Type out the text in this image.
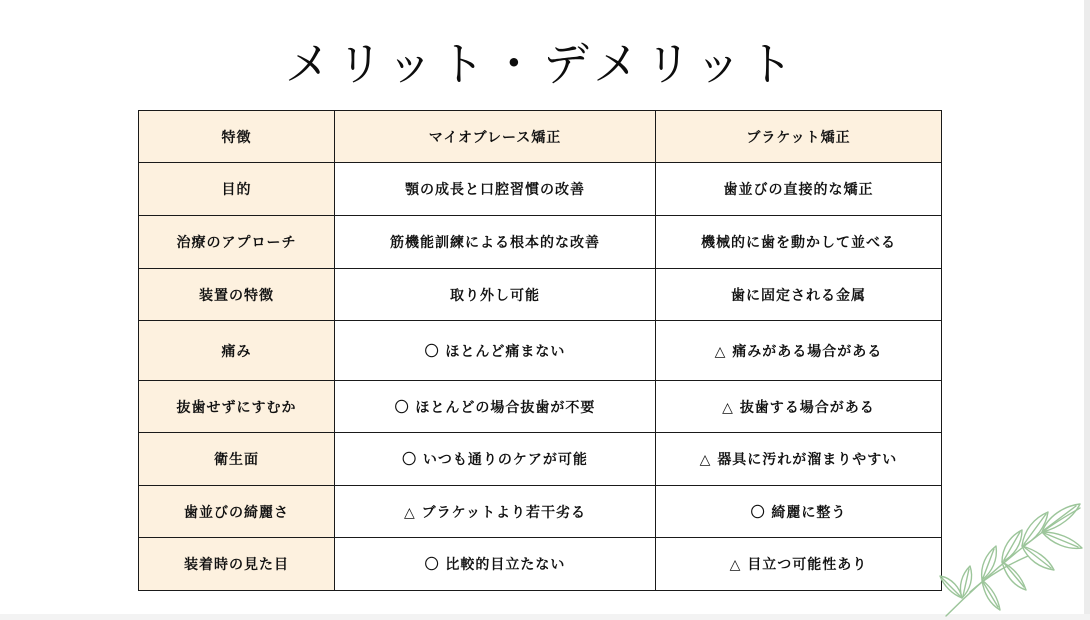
メリット・デメリット
特徴	マイオブレース矯正	ブラケット矯正
目的	顎の成長と口腔習慣の改善	歯並びの直接的な矯正
治療のアプローチ	筋機能訓練による根本的な改善	機械的に歯を動かして並べる
装置の特徴	取り外し可能	歯に固定される金属
痛み	〇 ほとんど痛まない	△ 痛みがある場合がある
抜歯せずにすむか	〇 ほとんどの場合抜歯が不要	△ 抜歯する場合がある
衛生面	〇 いつも通りのケアが可能	△ 器具に汚れが溜まりやすい
歯並びの綺麗さ	△ ブラケットより若干劣る	〇 綺麗に整う
装着時の見た目	〇 比較的目立たない	△ 目立つ可能性あり
